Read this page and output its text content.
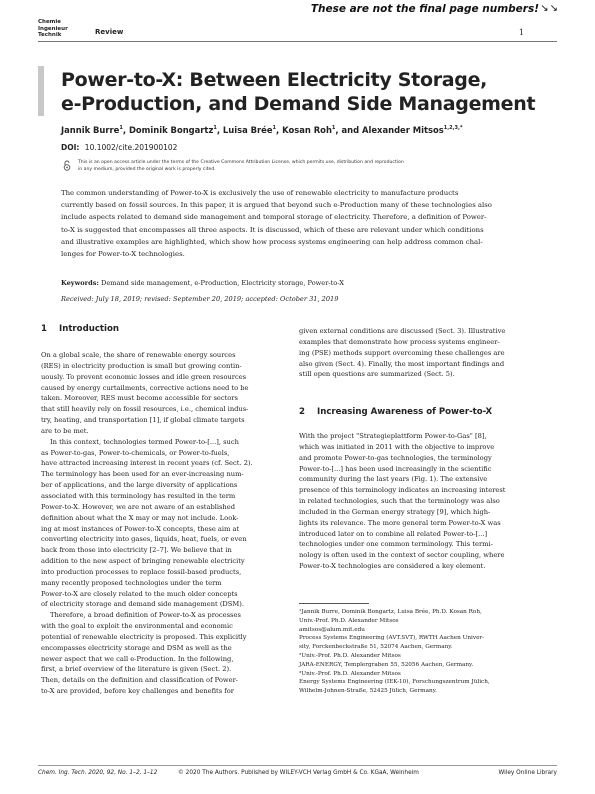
These are not the final page numbers! ↘↘
Chemie
Ingenieur
Technik	Review	1
Power-to-X: Between Electricity Storage,
e-Production, and Demand Side Management
Jannik Burre$^1$, Dominik Bongartz$^1$, Luisa Brée$^1$, Kosan Roh$^1$, and Alexander Mitsos$^{1,2,3,*}$
DOI: 10.1002/cite.201900102
This is an open access article under the terms of the Creative Commons Attribution License, which permits use, distribution and reproduction
in any medium, provided the original work is properly cited.
The common understanding of Power-to-X is exclusively the use of renewable electricity to manufacture products
currently based on fossil sources. In this paper, it is argued that beyond such e-Production many of these technologies also
include aspects related to demand side management and temporal storage of electricity. Therefore, a definition of Power-
to-X is suggested that encompasses all three aspects. It is discussed, which of these are relevant under which conditions
and illustrative examples are highlighted, which show how process systems engineering can help address common chal-
lenges for Power-to-X technologies.
Keywords: Demand side management, e-Production, Electricity storage, Power-to-X
Received: July 18, 2019; revised: September 20, 2019; accepted: October 31, 2019
1 Introduction
On a global scale, the share of renewable energy sources
(RES) in electricity production is small but growing contin-
uously. To prevent economic losses and idle green resources
caused by energy curtailments, corrective actions need to be
taken. Moreover, RES must become accessible for sectors
that still heavily rely on fossil resources, i.e., chemical indus-
try, heating, and transportation [1], if global climate targets
are to be met.
In this context, technologies termed Power-to-[...], such
as Power-to-gas, Power-to-chemicals, or Power-to-fuels,
have attracted increasing interest in recent years (cf. Sect. 2).
The terminology has been used for an ever-increasing num-
ber of applications, and the large diversity of applications
associated with this terminology has resulted in the term
Power-to-X. However, we are not aware of an established
definition about what the X may or may not include. Look-
ing at most instances of Power-to-X concepts, these aim at
converting electricity into gases, liquids, heat, fuels, or even
back from those into electricity [2–7]. We believe that in
addition to the new aspect of bringing renewable electricity
into production processes to replace fossil-based products,
many recently proposed technologies under the term
Power-to-X are closely related to the much older concepts
of electricity storage and demand side management (DSM).
Therefore, a broad definition of Power-to-X as processes
with the goal to exploit the environmental and economic
potential of renewable electricity is proposed. This explicitly
encompasses electricity storage and DSM as well as the
newer aspect that we call e-Production. In the following,
first, a brief overview of the literature is given (Sect. 2).
Then, details on the definition and classification of Power-
to-X are provided, before key challenges and benefits for
given external conditions are discussed (Sect. 3). Illustrative
examples that demonstrate how process systems engineer-
ing (PSE) methods support overcoming these challenges are
also given (Sect. 4). Finally, the most important findings and
still open questions are summarized (Sect. 5).
2 Increasing Awareness of Power-to-X
With the project "Strategieplattform Power-to-Gas" [8],
which was initiated in 2011 with the objective to improve
and promote Power-to-gas technologies, the terminology
Power-to-[...] has been used increasingly in the scientific
community during the last years (Fig. 1). The extensive
presence of this terminology indicates an increasing interest
in related technologies, such that the terminology was also
included in the German energy strategy [9], which high-
lights its relevance. The more general term Power-to-X was
introduced later on to combine all related Power-to-[...]
technologies under one common terminology. This termi-
nology is often used in the context of sector coupling, where
Power-to-X technologies are considered a key element.
¹Jannik Burre, Dominik Bongartz, Luisa Brée, Ph.D. Kosan Roh,
Univ.-Prof. Ph.D. Alexander Mitsos
amitsos@alum.mit.edu
Process Systems Engineering (AVT.SVT), RWTH Aachen Univer-
sity, Forckenbeckstraße 51, 52074 Aachen, Germany.
²Univ.-Prof. Ph.D. Alexander Mitsos
JARA-ENERGY, Templergraben 55, 52056 Aachen, Germany.
³Univ.-Prof. Ph.D. Alexander Mitsos
Energy Systems Engineering (IEK-10), Forschungszentrum Jülich,
Wilhelm-Johnen-Straße, 52425 Jülich, Germany.
Chem. Ing. Tech. 2020, 92, No. 1–2, 1–12	© 2020 The Authors. Published by WILEY-VCH Verlag GmbH & Co. KGaA, Weinheim	Wiley Online Library
